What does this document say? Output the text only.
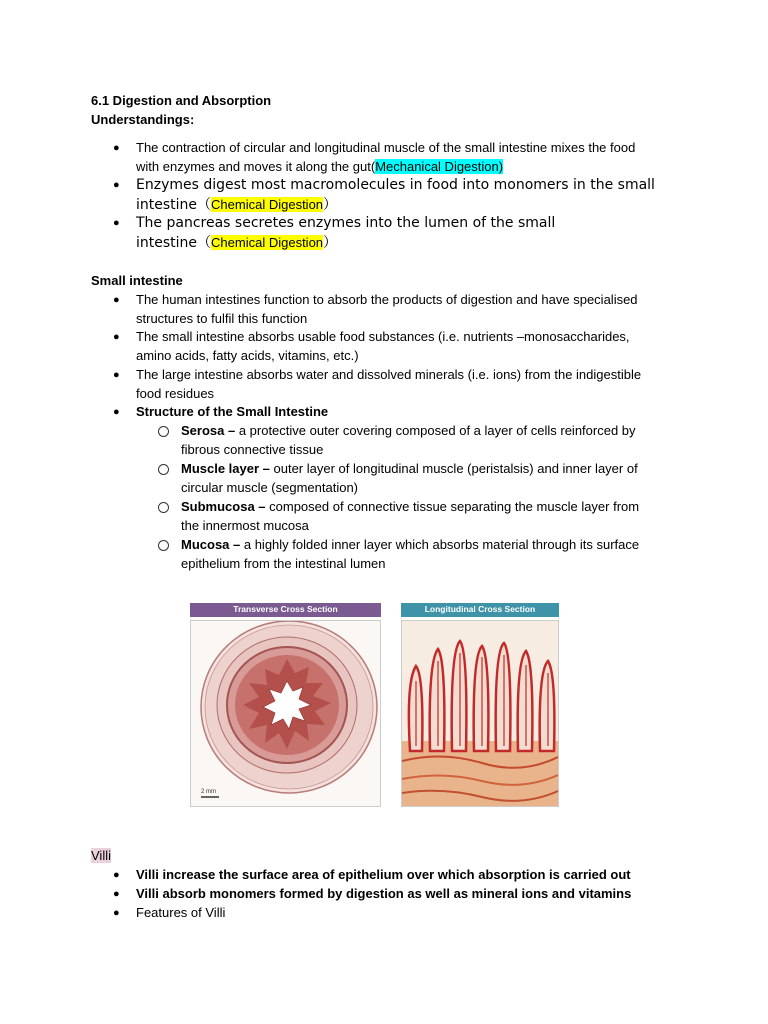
6.1 Digestion and Absorption
Understandings:
● The contraction of circular and longitudinal muscle of the small intestine mixes the food
with enzymes and moves it along the gut(Mechanical Digestion)
● Enzymes digest most macromolecules in food into monomers in the small
intestine（Chemical Digestion）
● The pancreas secretes enzymes into the lumen of the small
intestine（Chemical Digestion）
Small intestine
● The human intestines function to absorb the products of digestion and have specialised
structures to fulfil this function
● The small intestine absorbs usable food substances (i.e. nutrients –monosaccharides,
amino acids, fatty acids, vitamins, etc.)
● The large intestine absorbs water and dissolved minerals (i.e. ions) from the indigestible
food residues
● Structure of the Small Intestine
Serosa – a protective outer covering composed of a layer of cells reinforced by
fibrous connective tissue
Muscle layer – outer layer of longitudinal muscle (peristalsis) and inner layer of
circular muscle (segmentation)
Submucosa – composed of connective tissue separating the muscle layer from
the innermost mucosa
Mucosa – a highly folded inner layer which absorbs material through its surface
epithelium from the intestinal lumen
Transverse Cross Section
2 mm
Longitudinal Cross Section
Villi
● Villi increase the surface area of epithelium over which absorption is carried out
● Villi absorb monomers formed by digestion as well as mineral ions and vitamins
● Features of Villi
